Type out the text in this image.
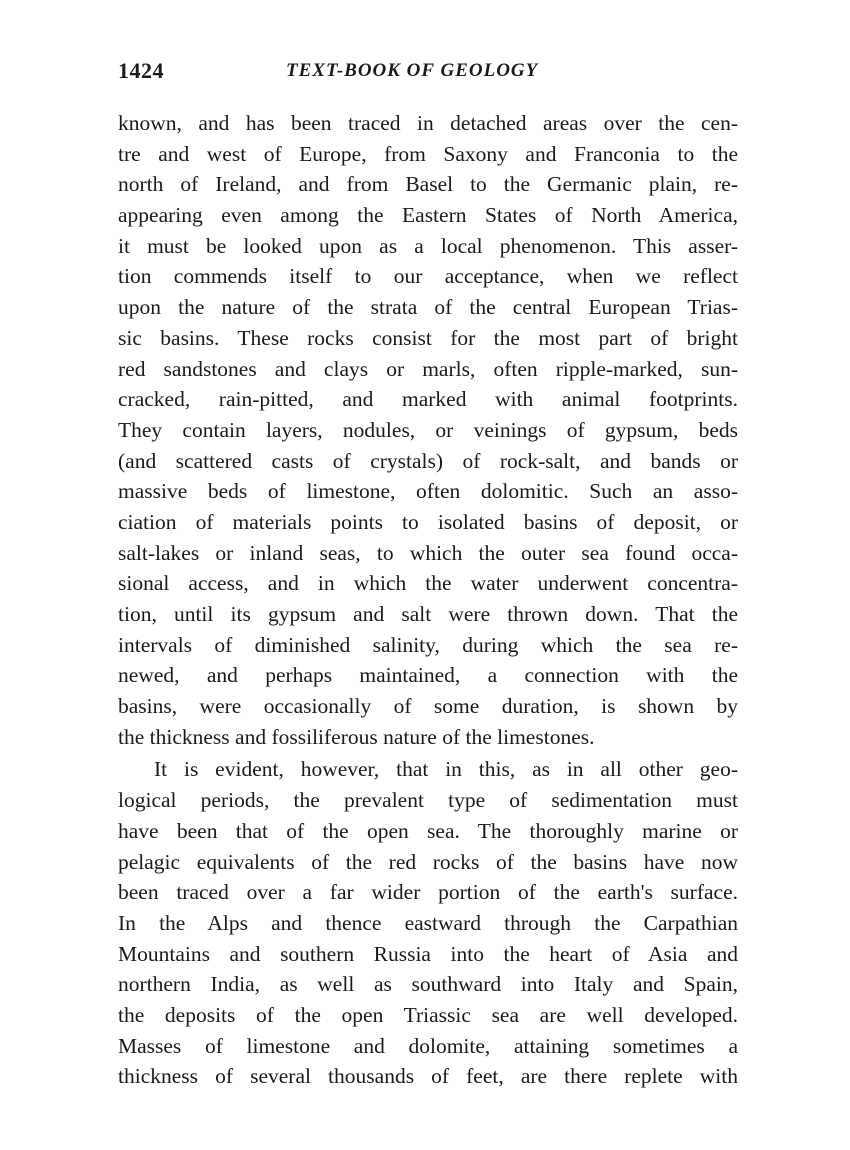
1424	TEXT-BOOK OF GEOLOGY
known, and has been traced in detached areas over the cen-
tre and west of Europe, from Saxony and Franconia to the
north of Ireland, and from Basel to the Germanic plain, re-
appearing even among the Eastern States of North America,
it must be looked upon as a local phenomenon. This asser-
tion commends itself to our acceptance, when we reflect
upon the nature of the strata of the central European Trias-
sic basins. These rocks consist for the most part of bright
red sandstones and clays or marls, often ripple-marked, sun-
cracked, rain-pitted, and marked with animal footprints.
They contain layers, nodules, or veinings of gypsum, beds
(and scattered casts of crystals) of rock-salt, and bands or
massive beds of limestone, often dolomitic. Such an asso-
ciation of materials points to isolated basins of deposit, or
salt-lakes or inland seas, to which the outer sea found occa-
sional access, and in which the water underwent concentra-
tion, until its gypsum and salt were thrown down. That the
intervals of diminished salinity, during which the sea re-
newed, and perhaps maintained, a connection with the
basins, were occasionally of some duration, is shown by
the thickness and fossiliferous nature of the limestones.
It is evident, however, that in this, as in all other geo-
logical periods, the prevalent type of sedimentation must
have been that of the open sea. The thoroughly marine or
pelagic equivalents of the red rocks of the basins have now
been traced over a far wider portion of the earth's surface.
In the Alps and thence eastward through the Carpathian
Mountains and southern Russia into the heart of Asia and
northern India, as well as southward into Italy and Spain,
the deposits of the open Triassic sea are well developed.
Masses of limestone and dolomite, attaining sometimes a
thickness of several thousands of feet, are there replete with
